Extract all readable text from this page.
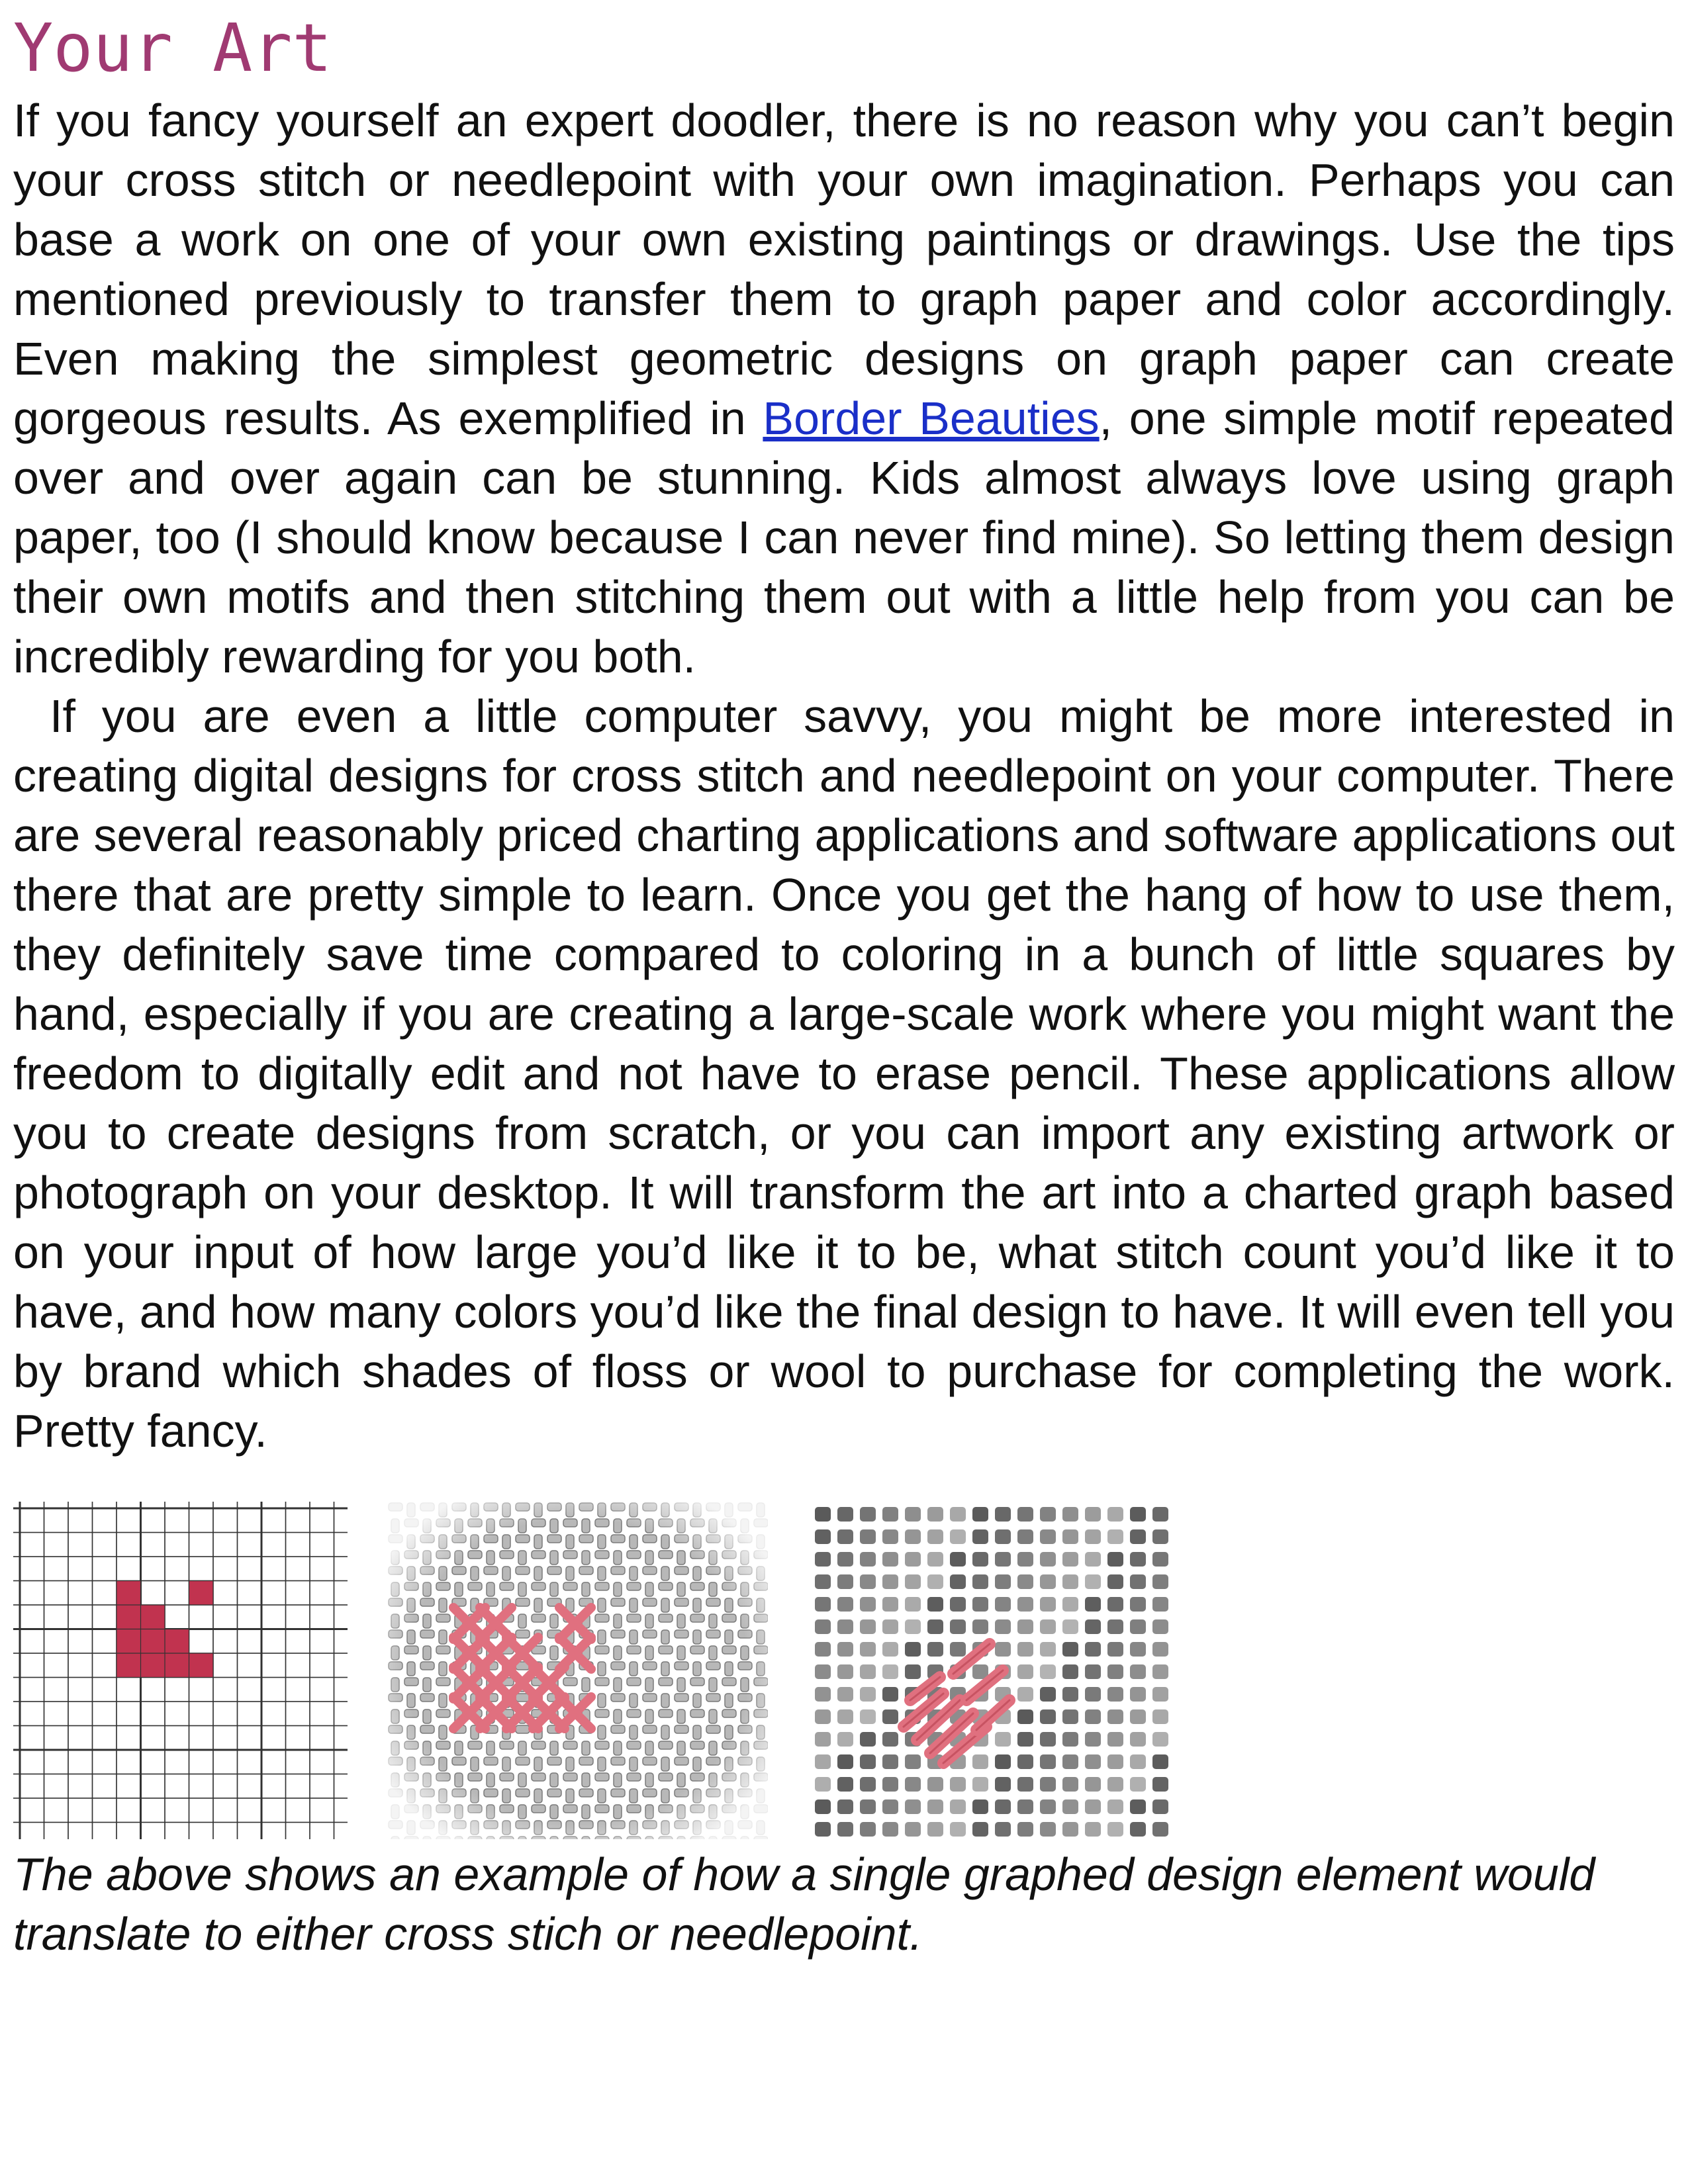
Your Art

If you fancy yourself an expert doodler, there is no reason why you can’t begin your cross stitch or needlepoint with your own imagination. Perhaps you can base a work on one of your own existing paintings or drawings. Use the tips mentioned previously to transfer them to graph paper and color accordingly. Even making the simplest geometric designs on graph paper can create gorgeous results. As exemplified in Border Beauties, one simple motif repeated over and over again can be stunning. Kids almost always love using graph paper, too (I should know because I can never find mine). So letting them design their own motifs and then stitching them out with a little help from you can be incredibly rewarding for you both.

If you are even a little computer savvy, you might be more interested in creating digital designs for cross stitch and needlepoint on your computer. There are several reasonably priced charting applications and software applications out there that are pretty simple to learn. Once you get the hang of how to use them, they definitely save time compared to coloring in a bunch of little squares by hand, especially if you are creating a large-scale work where you might want the freedom to digitally edit and not have to erase pencil. These applications allow you to create designs from scratch, or you can import any existing artwork or photograph on your desktop. It will transform the art into a charted graph based on your input of how large you’d like it to be, what stitch count you’d like it to have, and how many colors you’d like the final design to have. It will even tell you by brand which shades of floss or wool to purchase for completing the work. Pretty fancy.

The above shows an example of how a single graphed design element would translate to either cross stich or needlepoint.
